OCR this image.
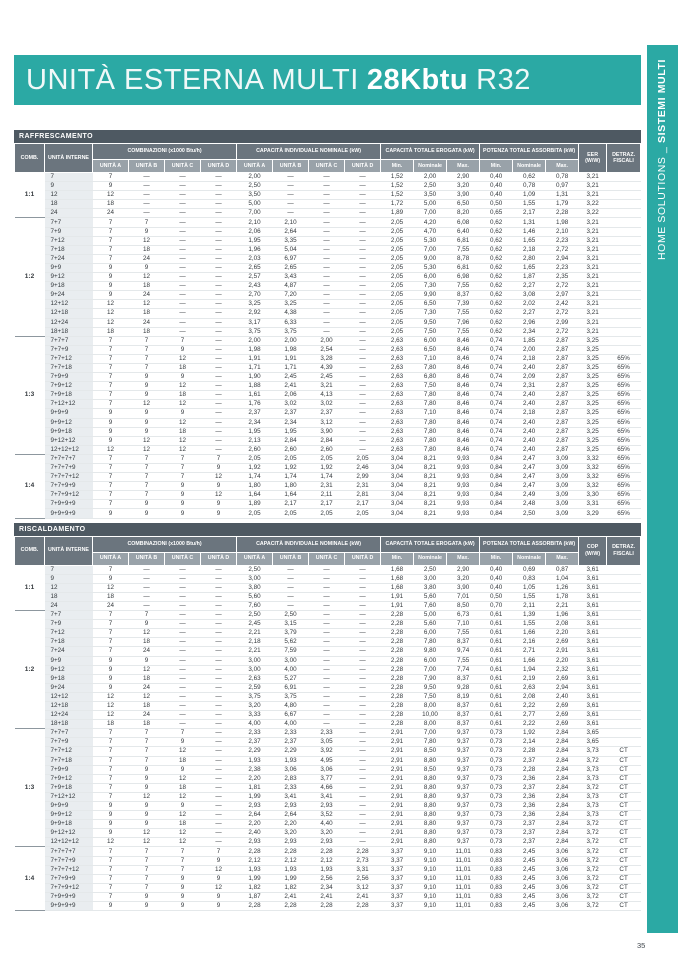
UNITÀ ESTERNA MULTI 28Kbtu R32
RAFFRESCAMENTO
COMB.	UNITÀ INTERNE	COMBINAZIONI (x1000 Btu/h)				CAPACITÀ INDIVIDUALE NOMINALE (kW)				CAPACITÀ TOTALE EROGATA (kW)			POTENZA TOTALE ASSORBITA (kW)			EER (W/W)	DETRAZ. FISCALI
		UNITÀ A	UNITÀ B	UNITÀ C	UNITÀ D	UNITÀ A	UNITÀ B	UNITÀ C	UNITÀ D	Min.	Nominale	Max.	Min.	Nominale	Max.		
1:1	7	7	—	—	—	2,00	—	—	—	1,52	2,00	2,90	0,40	0,62	0,78	3,21	
	9	9	—	—	—	2,50	—	—	—	1,52	2,50	3,20	0,40	0,78	0,97	3,21	
	12	12	—	—	—	3,50	—	—	—	1,52	3,50	3,90	0,40	1,09	1,31	3,21	
	18	18	—	—	—	5,00	—	—	—	1,72	5,00	6,50	0,50	1,55	1,79	3,22	
	24	24	—	—	—	7,00	—	—	—	1,89	7,00	8,20	0,65	2,17	2,28	3,22	
1:2	7+7	7	7	—	—	2,10	2,10	—	—	2,05	4,20	6,08	0,62	1,31	1,98	3,21	
	7+9	7	9	—	—	2,06	2,64	—	—	2,05	4,70	6,40	0,62	1,46	2,10	3,21	
	7+12	7	12	—	—	1,95	3,35	—	—	2,05	5,30	6,81	0,62	1,65	2,23	3,21	
	7+18	7	18	—	—	1,96	5,04	—	—	2,05	7,00	7,55	0,62	2,18	2,72	3,21	
	7+24	7	24	—	—	2,03	6,97	—	—	2,05	9,00	8,78	0,62	2,80	2,94	3,21	
	9+9	9	9	—	—	2,65	2,65	—	—	2,05	5,30	6,81	0,62	1,65	2,23	3,21	
	9+12	9	12	—	—	2,57	3,43	—	—	2,05	6,00	6,98	0,62	1,87	2,35	3,21	
	9+18	9	18	—	—	2,43	4,87	—	—	2,05	7,30	7,55	0,62	2,27	2,72	3,21	
	9+24	9	24	—	—	2,70	7,20	—	—	2,05	9,90	8,37	0,62	3,08	2,97	3,21	
	12+12	12	12	—	—	3,25	3,25	—	—	2,05	6,50	7,39	0,62	2,02	2,42	3,21	
	12+18	12	18	—	—	2,92	4,38	—	—	2,05	7,30	7,55	0,62	2,27	2,72	3,21	
	12+24	12	24	—	—	3,17	6,33	—	—	2,05	9,50	7,96	0,62	2,96	2,99	3,21	
	18+18	18	18	—	—	3,75	3,75	—	—	2,05	7,50	7,55	0,62	2,34	2,72	3,21	
1:3	7+7+7	7	7	7	—	2,00	2,00	2,00	—	2,63	6,00	8,46	0,74	1,85	2,87	3,25	
	7+7+9	7	7	9	—	1,98	1,98	2,54	—	2,63	6,50	8,46	0,74	2,00	2,87	3,25	
	7+7+12	7	7	12	—	1,91	1,91	3,28	—	2,63	7,10	8,46	0,74	2,18	2,87	3,25	65%
	7+7+18	7	7	18	—	1,71	1,71	4,39	—	2,63	7,80	8,46	0,74	2,40	2,87	3,25	65%
	7+9+9	7	9	9	—	1,90	2,45	2,45	—	2,63	6,80	8,46	0,74	2,09	2,87	3,25	65%
	7+9+12	7	9	12	—	1,88	2,41	3,21	—	2,63	7,50	8,46	0,74	2,31	2,87	3,25	65%
	7+9+18	7	9	18	—	1,61	2,06	4,13	—	2,63	7,80	8,46	0,74	2,40	2,87	3,25	65%
	7+12+12	7	12	12	—	1,76	3,02	3,02	—	2,63	7,80	8,46	0,74	2,40	2,87	3,25	65%
	9+9+9	9	9	9	—	2,37	2,37	2,37	—	2,63	7,10	8,46	0,74	2,18	2,87	3,25	65%
	9+9+12	9	9	12	—	2,34	2,34	3,12	—	2,63	7,80	8,46	0,74	2,40	2,87	3,25	65%
	9+9+18	9	9	18	—	1,95	1,95	3,90	—	2,63	7,80	8,46	0,74	2,40	2,87	3,25	65%
	9+12+12	9	12	12	—	2,13	2,84	2,84	—	2,63	7,80	8,46	0,74	2,40	2,87	3,25	65%
	12+12+12	12	12	12	—	2,60	2,60	2,60	—	2,63	7,80	8,46	0,74	2,40	2,87	3,25	65%
1:4	7+7+7+7	7	7	7	7	2,05	2,05	2,05	2,05	3,04	8,21	9,93	0,84	2,47	3,09	3,32	65%
	7+7+7+9	7	7	7	9	1,92	1,92	1,92	2,46	3,04	8,21	9,93	0,84	2,47	3,09	3,32	65%
	7+7+7+12	7	7	7	12	1,74	1,74	1,74	2,99	3,04	8,21	9,93	0,84	2,47	3,09	3,32	65%
	7+7+9+9	7	7	9	9	1,80	1,80	2,31	2,31	3,04	8,21	9,93	0,84	2,47	3,09	3,32	65%
	7+7+9+12	7	7	9	12	1,64	1,64	2,11	2,81	3,04	8,21	9,93	0,84	2,49	3,09	3,30	65%
	7+9+9+9	7	9	9	9	1,89	2,17	2,17	2,17	3,04	8,21	9,93	0,84	2,48	3,09	3,31	65%
	9+9+9+9	9	9	9	9	2,05	2,05	2,05	2,05	3,04	8,21	9,93	0,84	2,50	3,09	3,29	65%
RISCALDAMENTO
COMB.	UNITÀ INTERNE	COMBINAZIONI (x1000 Btu/h)				CAPACITÀ INDIVIDUALE NOMINALE (kW)				CAPACITÀ TOTALE EROGATA (kW)			POTENZA TOTALE ASSORBITA (kW)			COP (W/W)	DETRAZ. FISCALI
		UNITÀ A	UNITÀ B	UNITÀ C	UNITÀ D	UNITÀ A	UNITÀ B	UNITÀ C	UNITÀ D	Min.	Nominale	Max.	Min.	Nominale	Max.		
1:1	7	7	—	—	—	2,50	—	—	—	1,68	2,50	2,90	0,40	0,69	0,87	3,61	
	9	9	—	—	—	3,00	—	—	—	1,68	3,00	3,20	0,40	0,83	1,04	3,61	
	12	12	—	—	—	3,80	—	—	—	1,68	3,80	3,90	0,40	1,05	1,26	3,61	
	18	18	—	—	—	5,60	—	—	—	1,91	5,60	7,01	0,50	1,55	1,78	3,61	
	24	24	—	—	—	7,60	—	—	—	1,91	7,60	8,50	0,70	2,11	2,21	3,61	
1:2	7+7	7	7	—	—	2,50	2,50	—	—	2,28	5,00	6,73	0,61	1,39	1,96	3,61	
	7+9	7	9	—	—	2,45	3,15	—	—	2,28	5,60	7,10	0,61	1,55	2,08	3,61	
	7+12	7	12	—	—	2,21	3,79	—	—	2,28	6,00	7,55	0,61	1,66	2,20	3,61	
	7+18	7	18	—	—	2,18	5,62	—	—	2,28	7,80	8,37	0,61	2,16	2,69	3,61	
	7+24	7	24	—	—	2,21	7,59	—	—	2,28	9,80	9,74	0,61	2,71	2,91	3,61	
	9+9	9	9	—	—	3,00	3,00	—	—	2,28	6,00	7,55	0,61	1,66	2,20	3,61	
	9+12	9	12	—	—	3,00	4,00	—	—	2,28	7,00	7,74	0,61	1,94	2,32	3,61	
	9+18	9	18	—	—	2,63	5,27	—	—	2,28	7,90	8,37	0,61	2,19	2,69	3,61	
	9+24	9	24	—	—	2,59	6,91	—	—	2,28	9,50	9,28	0,61	2,63	2,94	3,61	
	12+12	12	12	—	—	3,75	3,75	—	—	2,28	7,50	8,19	0,61	2,08	2,40	3,61	
	12+18	12	18	—	—	3,20	4,80	—	—	2,28	8,00	8,37	0,61	2,22	2,69	3,61	
	12+24	12	24	—	—	3,33	6,67	—	—	2,28	10,00	8,37	0,61	2,77	2,69	3,61	
	18+18	18	18	—	—	4,00	4,00	—	—	2,28	8,00	8,37	0,61	2,22	2,69	3,61	
1:3	7+7+7	7	7	7	—	2,33	2,33	2,33	—	2,91	7,00	9,37	0,73	1,92	2,84	3,65	
	7+7+9	7	7	9	—	2,37	2,37	3,05	—	2,91	7,80	9,37	0,73	2,14	2,84	3,65	
	7+7+12	7	7	12	—	2,29	2,29	3,92	—	2,91	8,50	9,37	0,73	2,28	2,84	3,73	CT
	7+7+18	7	7	18	—	1,93	1,93	4,95	—	2,91	8,80	9,37	0,73	2,37	2,84	3,72	CT
	7+9+9	7	9	9	—	2,38	3,06	3,06	—	2,91	8,50	9,37	0,73	2,28	2,84	3,73	CT
	7+9+12	7	9	12	—	2,20	2,83	3,77	—	2,91	8,80	9,37	0,73	2,36	2,84	3,73	CT
	7+9+18	7	9	18	—	1,81	2,33	4,66	—	2,91	8,80	9,37	0,73	2,37	2,84	3,72	CT
	7+12+12	7	12	12	—	1,99	3,41	3,41	—	2,91	8,80	9,37	0,73	2,36	2,84	3,73	CT
	9+9+9	9	9	9	—	2,93	2,93	2,93	—	2,91	8,80	9,37	0,73	2,36	2,84	3,73	CT
	9+9+12	9	9	12	—	2,64	2,64	3,52	—	2,91	8,80	9,37	0,73	2,36	2,84	3,73	CT
	9+9+18	9	9	18	—	2,20	2,20	4,40	—	2,91	8,80	9,37	0,73	2,37	2,84	3,72	CT
	9+12+12	9	12	12	—	2,40	3,20	3,20	—	2,91	8,80	9,37	0,73	2,37	2,84	3,72	CT
	12+12+12	12	12	12	—	2,93	2,93	2,93	—	2,91	8,80	9,37	0,73	2,37	2,84	3,72	CT
1:4	7+7+7+7	7	7	7	7	2,28	2,28	2,28	2,28	3,37	9,10	11,01	0,83	2,45	3,06	3,72	CT
	7+7+7+9	7	7	7	9	2,12	2,12	2,12	2,73	3,37	9,10	11,01	0,83	2,45	3,06	3,72	CT
	7+7+7+12	7	7	7	12	1,93	1,93	1,93	3,31	3,37	9,10	11,01	0,83	2,45	3,06	3,72	CT
	7+7+9+9	7	7	9	9	1,99	1,99	2,56	2,56	3,37	9,10	11,01	0,83	2,45	3,06	3,72	CT
	7+7+9+12	7	7	9	12	1,82	1,82	2,34	3,12	3,37	9,10	11,01	0,83	2,45	3,06	3,72	CT
	7+9+9+9	7	9	9	9	1,87	2,41	2,41	2,41	3,37	9,10	11,01	0,83	2,45	3,06	3,72	CT
	9+9+9+9	9	9	9	9	2,28	2,28	2,28	2,28	3,37	9,10	11,01	0,83	2,45	3,06	3,72	CT
HOME SOLUTIONS _ SISTEMI MULTI
35
